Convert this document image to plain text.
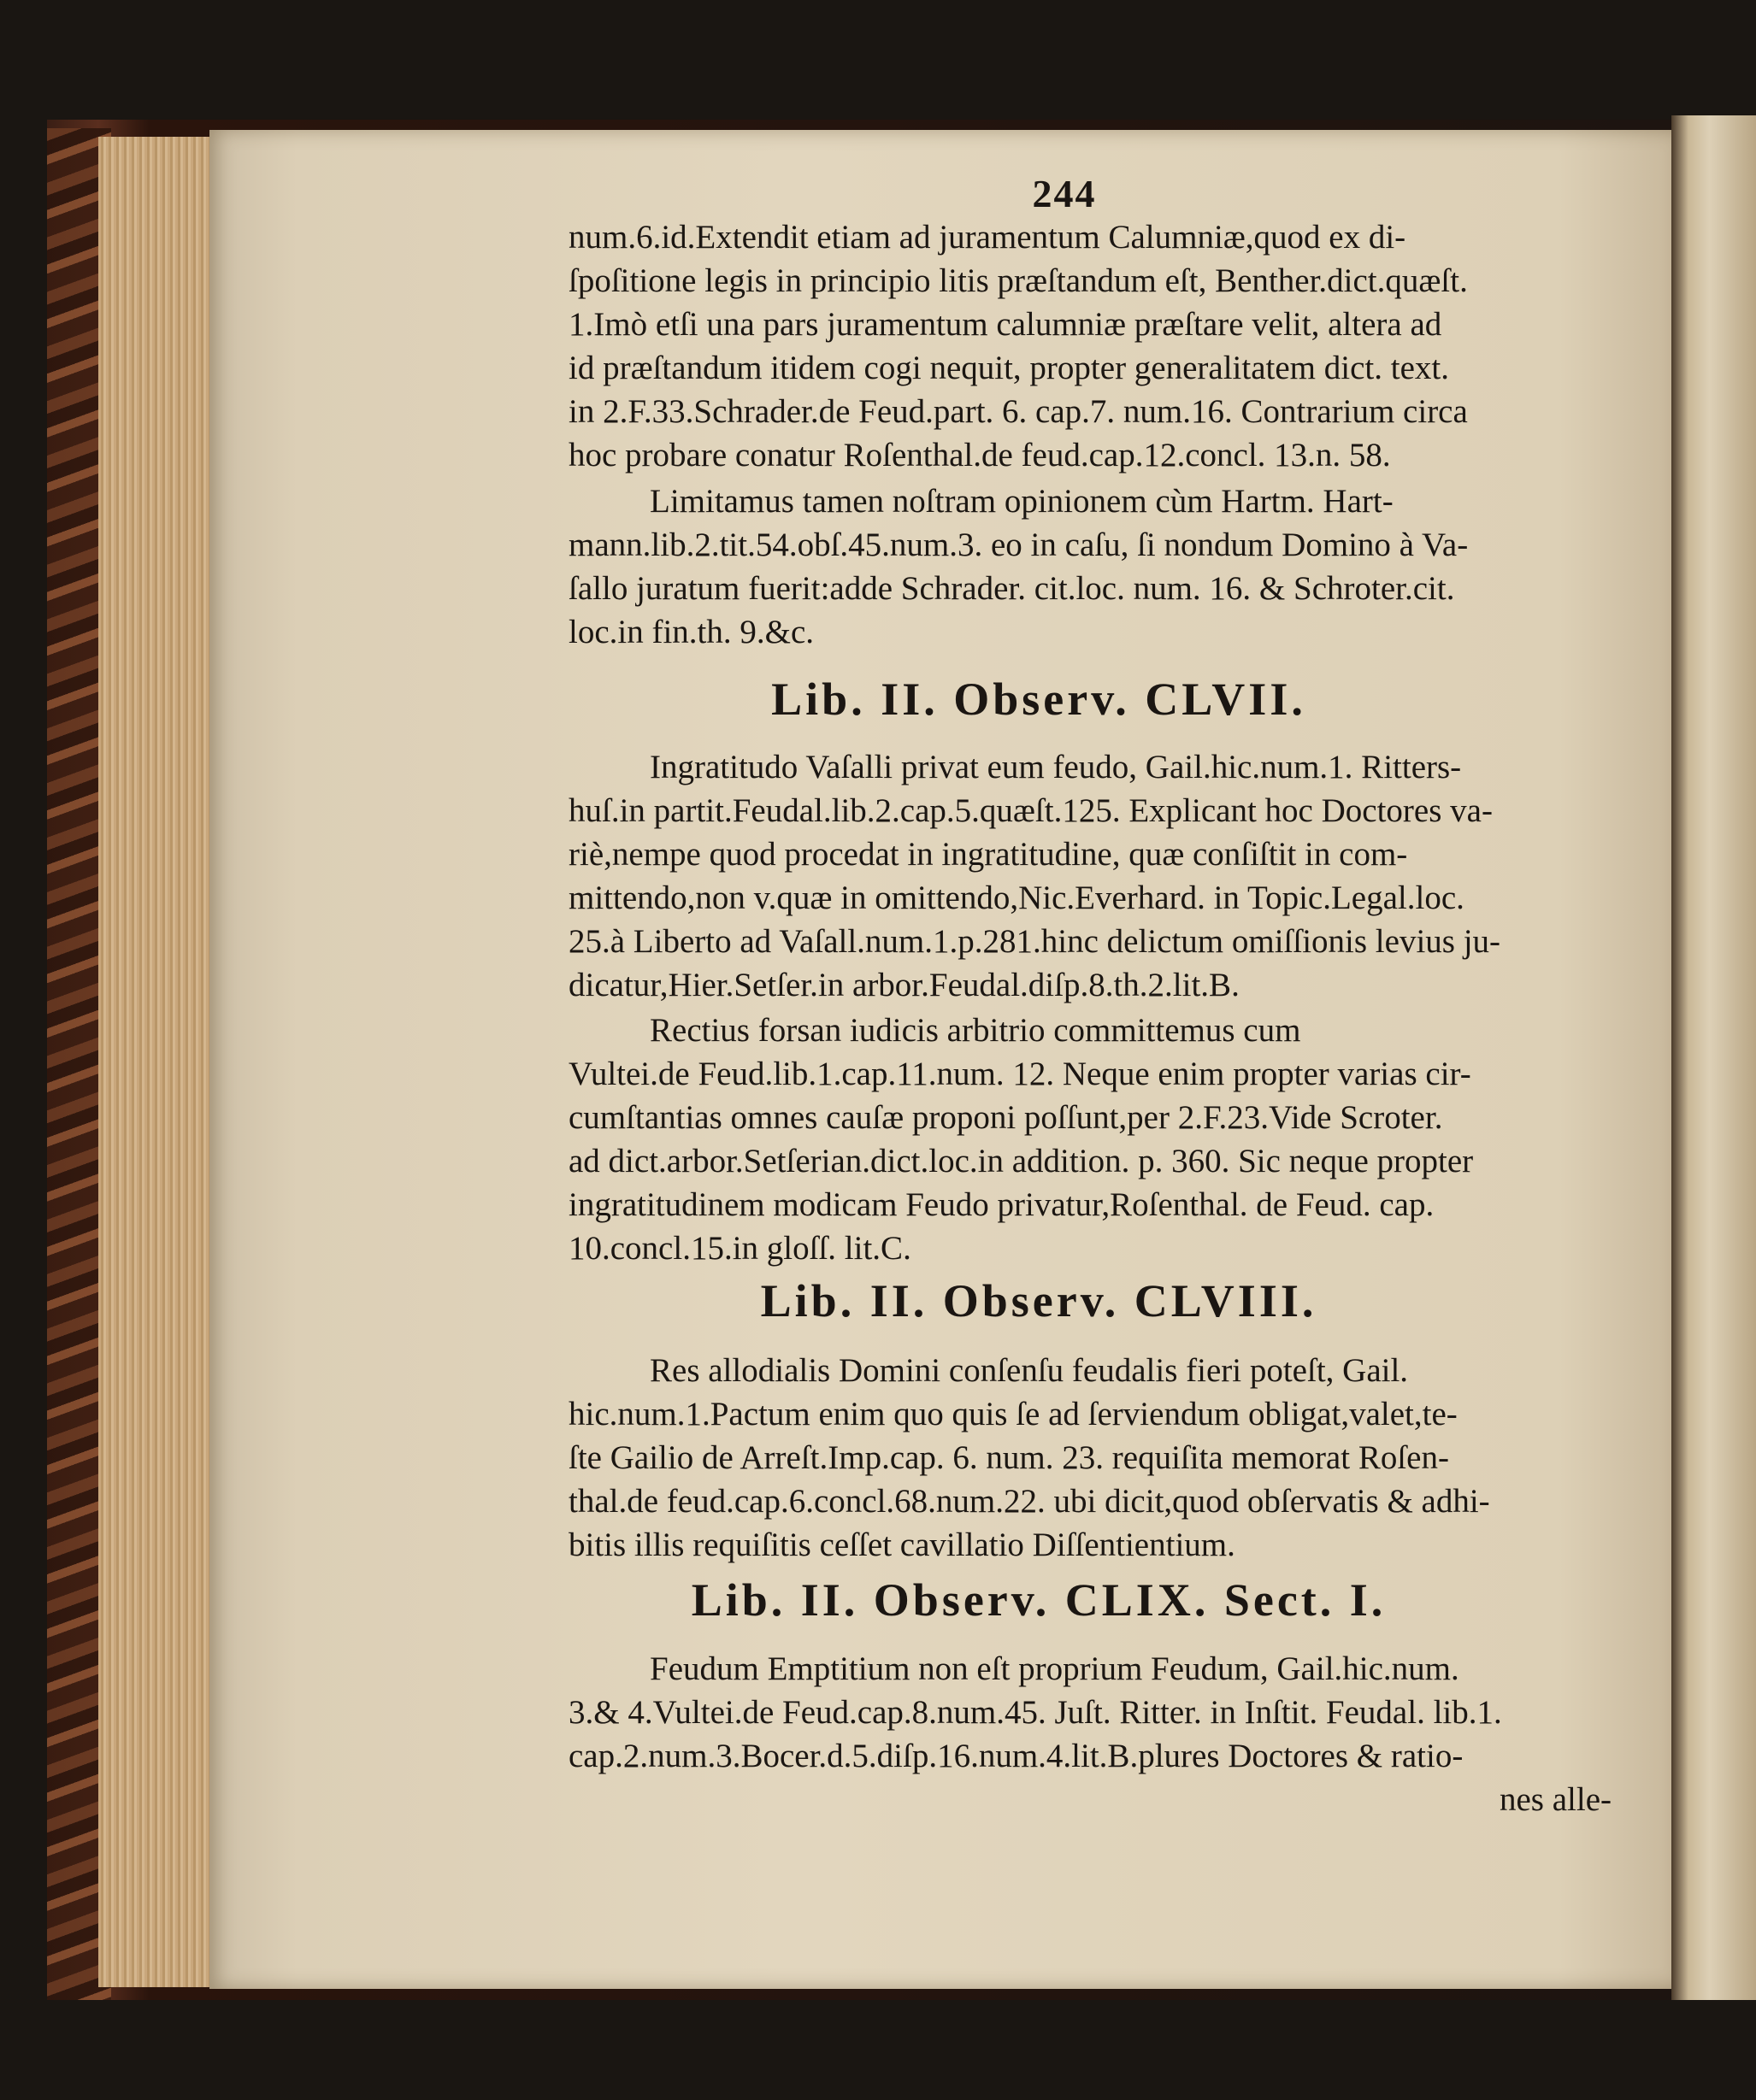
244
num.6.id.Extendit etiam ad juramentum Calumniæ,quod ex di-
ſpoſitione legis in principio litis præſtandum eſt, Benther.dict.quæſt.
1.Imò etſi una pars juramentum calumniæ præſtare velit, altera ad
id præſtandum itidem cogi nequit, propter generalitatem dict. text.
in 2.F.33.Schrader.de Feud.part. 6. cap.7. num.16. Contrarium circa
hoc probare conatur Roſenthal.de feud.cap.12.concl. 13.n. 58.
Limitamus tamen noſtram opinionem cùm Hartm. Hart-
mann.lib.2.tit.54.obſ.45.num.3. eo in caſu, ſi nondum Domino à Va-
ſallo juratum fuerit:adde Schrader. cit.loc. num. 16. & Schroter.cit.
loc.in fin.th. 9.&c.
Lib. II. Observ. CLVII.
Ingratitudo Vaſalli privat eum feudo, Gail.hic.num.1. Ritters-
huſ.in partit.Feudal.lib.2.cap.5.quæſt.125. Explicant hoc Doctores va-
riè,nempe quod procedat in ingratitudine, quæ conſiſtit in com-
mittendo,non v.quæ in omittendo,Nic.Everhard. in Topic.Legal.loc.
25.à Liberto ad Vaſall.num.1.p.281.hinc delictum omiſſionis levius ju-
dicatur,Hier.Setſer.in arbor.Feudal.diſp.8.th.2.lit.B.
Rectius forsan iudicis arbitrio committemus cum
Vultei.de Feud.lib.1.cap.11.num. 12. Neque enim propter varias cir-
cumſtantias omnes cauſæ proponi poſſunt,per 2.F.23.Vide Scroter.
ad dict.arbor.Setſerian.dict.loc.in addition. p. 360. Sic neque propter
ingratitudinem modicam Feudo privatur,Roſenthal. de Feud. cap.
10.concl.15.in gloſſ. lit.C.
Lib. II. Observ. CLVIII.
Res allodialis Domini conſenſu feudalis fieri poteſt, Gail.
hic.num.1.Pactum enim quo quis ſe ad ſerviendum obligat,valet,te-
ſte Gailio de Arreſt.Imp.cap. 6. num. 23. requiſita memorat Roſen-
thal.de feud.cap.6.concl.68.num.22. ubi dicit,quod obſervatis & adhi-
bitis illis requiſitis ceſſet cavillatio Diſſentientium.
Lib. II. Observ. CLIX. Sect. I.
Feudum Emptitium non eſt proprium Feudum, Gail.hic.num.
3.& 4.Vultei.de Feud.cap.8.num.45. Juſt. Ritter. in Inſtit. Feudal. lib.1.
cap.2.num.3.Bocer.d.5.diſp.16.num.4.lit.B.plures Doctores & ratio-
nes alle-
